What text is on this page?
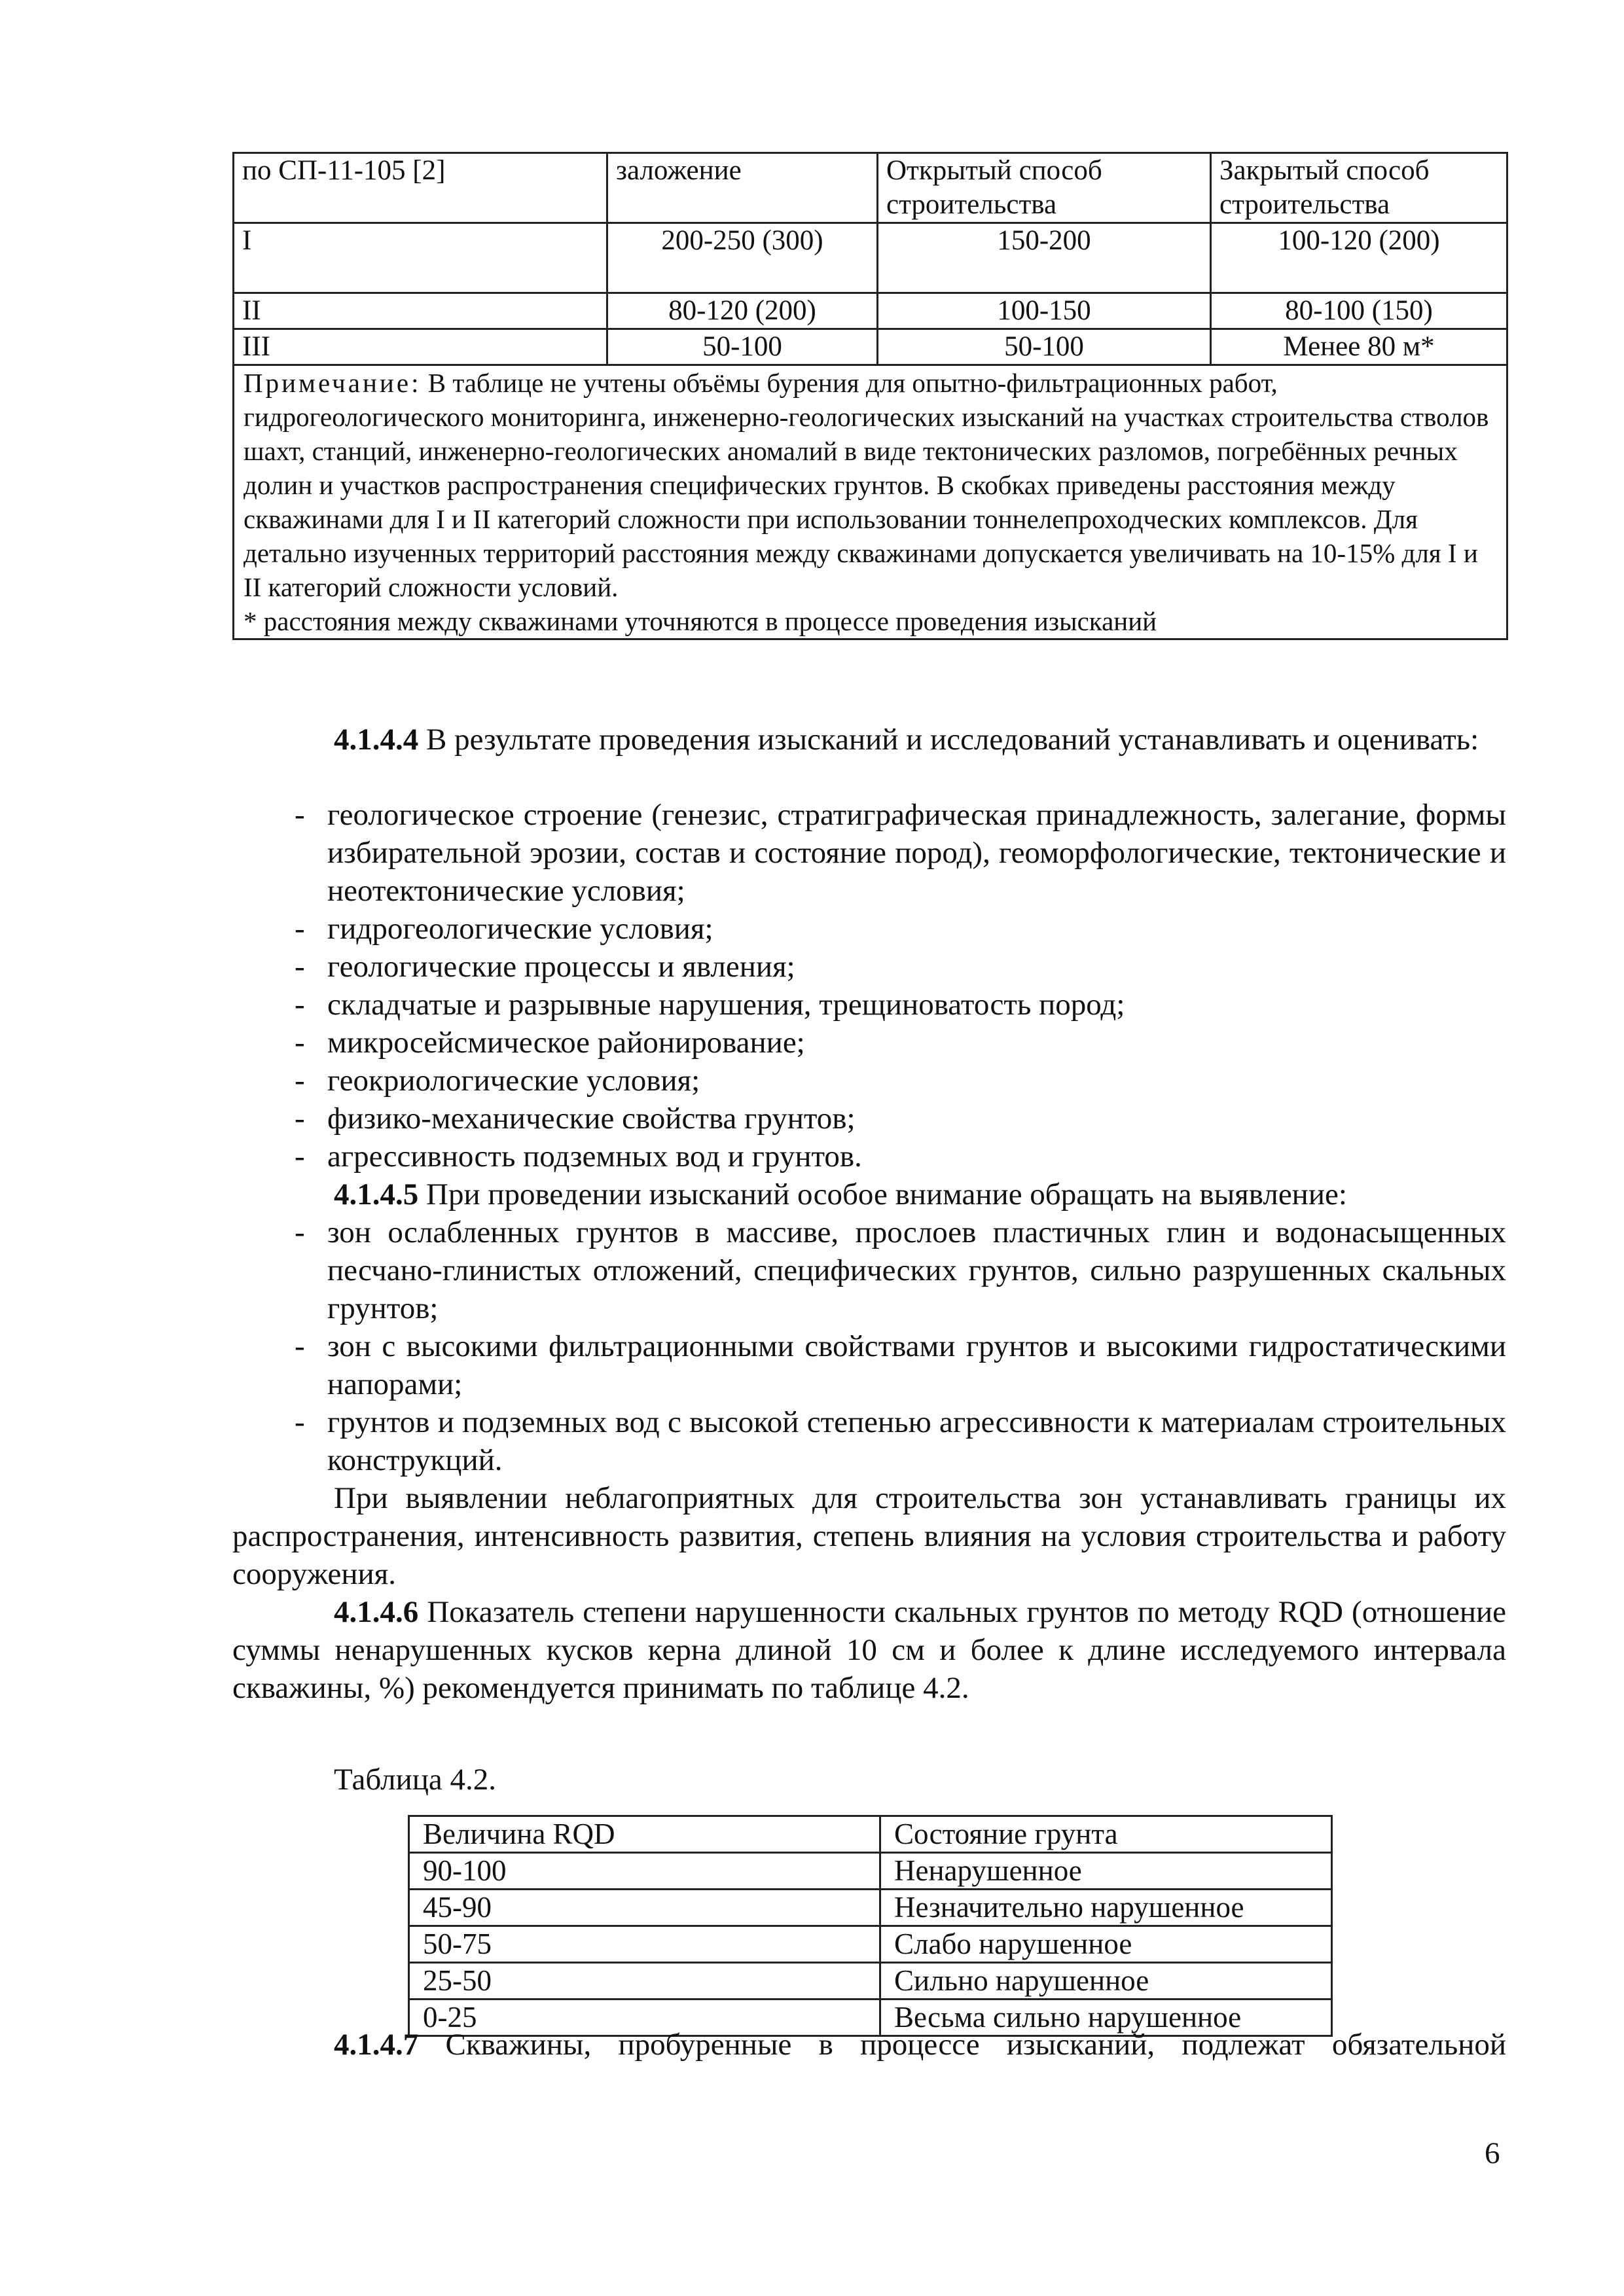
по СП-11-105 [2]	заложение	Открытый способ строительства	Закрытый способ строительства
I	200-250 (300)	150-200	100-120 (200)
II	80-120 (200)	100-150	80-100 (150)
III	50-100	50-100	Менее 80 м*
Примечание: В таблице не учтены объёмы бурения для опытно-фильтрационных работ, гидрогеологического мониторинга, инженерно-геологических изысканий на участках строительства стволов шахт, станций, инженерно-геологических аномалий в виде тектонических разломов, погребённых речных долин и участков распространения специфических грунтов. В скобках приведены расстояния между скважинами для I и II категорий сложности при использовании тоннелепроходческих комплексов. Для детально изученных территорий расстояния между скважинами допускается увеличивать на 10-15% для I и II категорий сложности условий.
* расстояния между скважинами уточняются в процессе проведения изысканий			
4.1.4.4 В результате проведения изысканий и исследований устанавливать и оценивать:
- геологическое строение (генезис, стратиграфическая принадлежность, залегание, формы избирательной эрозии, состав и состояние пород), геоморфологические, тектонические и неотектонические условия;
- гидрогеологические условия;
- геологические процессы и явления;
- складчатые и разрывные нарушения, трещиноватость пород;
- микросейсмическое районирование;
- геокриологические условия;
- физико-механические свойства грунтов;
- агрессивность подземных вод и грунтов.
4.1.4.5 При проведении изысканий особое внимание обращать на выявление:
- зон ослабленных грунтов в массиве, прослоев пластичных глин и водонасыщенных песчано-глинистых отложений, специфических грунтов, сильно разрушенных скальных грунтов;
- зон с высокими фильтрационными свойствами грунтов и высокими гидростатическими напорами;
- грунтов и подземных вод с высокой степенью агрессивности к материалам строительных конструкций.
При выявлении неблагоприятных для строительства зон устанавливать границы их распространения, интенсивность развития, степень влияния на условия строительства и работу сооружения.
4.1.4.6 Показатель степени нарушенности скальных грунтов по методу RQD (отношение суммы ненарушенных кусков керна длиной 10 см и более к длине исследуемого интервала скважины, %) рекомендуется принимать по таблице 4.2.
Таблица 4.2.
Величина RQD	Состояние грунта
90-100	Ненарушенное
45-90	Незначительно нарушенное
50-75	Слабо нарушенное
25-50	Сильно нарушенное
0-25	Весьма сильно нарушенное
4.1.4.7 Скважины, пробуренные в процессе изысканий, подлежат обязательной
6
